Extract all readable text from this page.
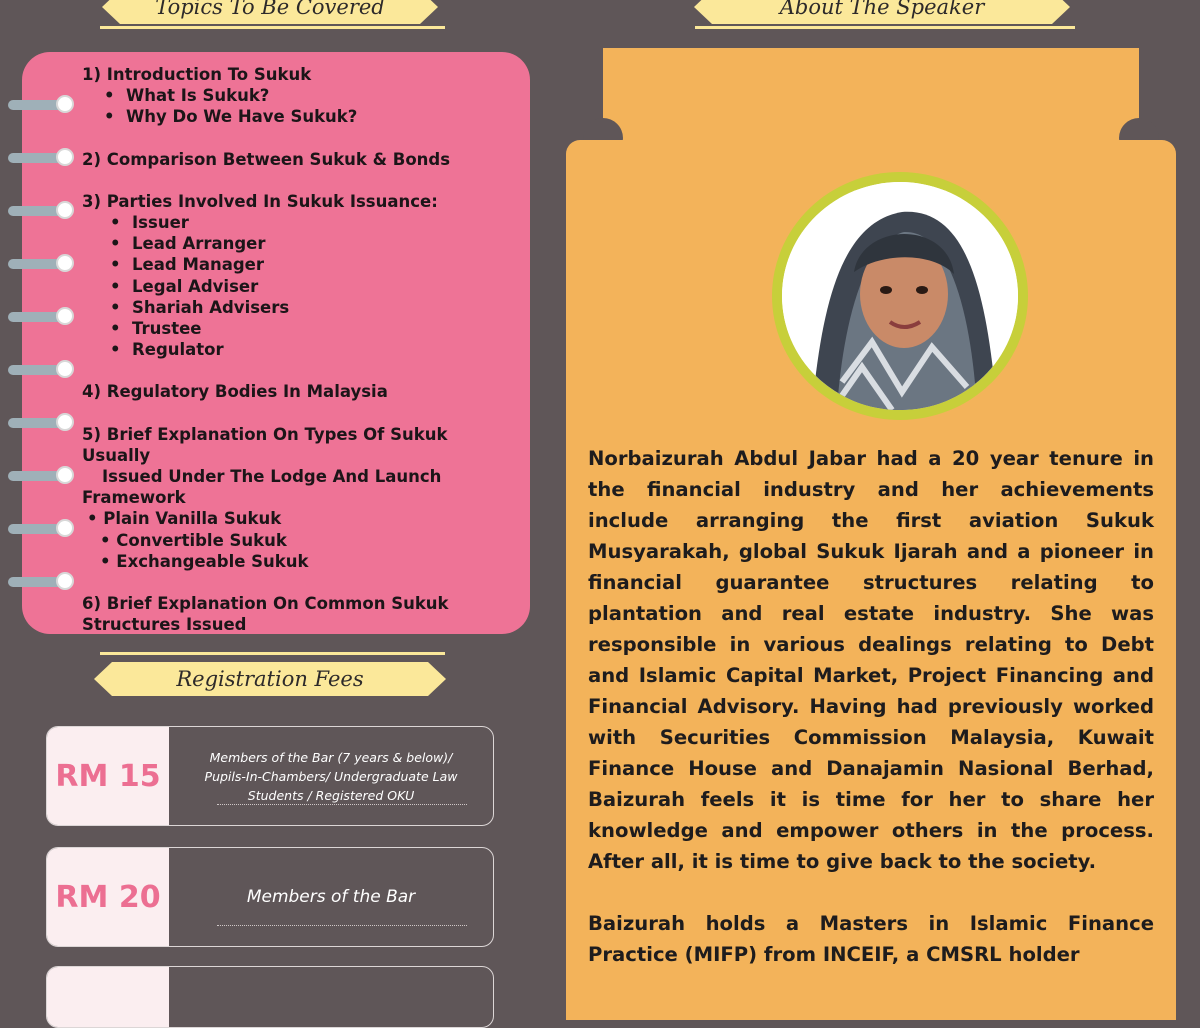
Topics To Be Covered	About The Speaker
1) Introduction To Sukuk
•  What Is Sukuk?
•  Why Do We Have Sukuk?
2) Comparison Between Sukuk & Bonds
3) Parties Involved In Sukuk Issuance:
•  Issuer
•  Lead Arranger
•  Lead Manager
•  Legal Adviser
•  Shariah Advisers
•  Trustee
•  Regulator
4) Regulatory Bodies In Malaysia
5) Brief Explanation On Types Of Sukuk Usually
Issued Under The Lodge And Launch
Framework
• Plain Vanilla Sukuk
• Convertible Sukuk
• Exchangeable Sukuk
6) Brief Explanation On Common Sukuk
Structures Issued
Registration Fees
RM 15
Members of the Bar (7 years & below)/ Pupils-In-Chambers/ Undergraduate Law Students / Registered OKU
RM 20	Members of the Bar

Norbaizurah Abdul Jabar had a 20 year tenure in the financial industry and her achievements include arranging the first aviation Sukuk Musyarakah, global Sukuk Ijarah and a pioneer in financial guarantee structures relating to plantation and real estate industry. She was responsible in various dealings relating to Debt and Islamic Capital Market, Project Financing and Financial Advisory. Having had previously worked with Securities Commission Malaysia, Kuwait Finance House and Danajamin Nasional Berhad, Baizurah feels it is time for her to share her knowledge and empower others in the process. After all, it is time to give back to the society.

Baizurah holds a Masters in Islamic Finance Practice (MIFP) from INCEIF, a CMSRL holder
